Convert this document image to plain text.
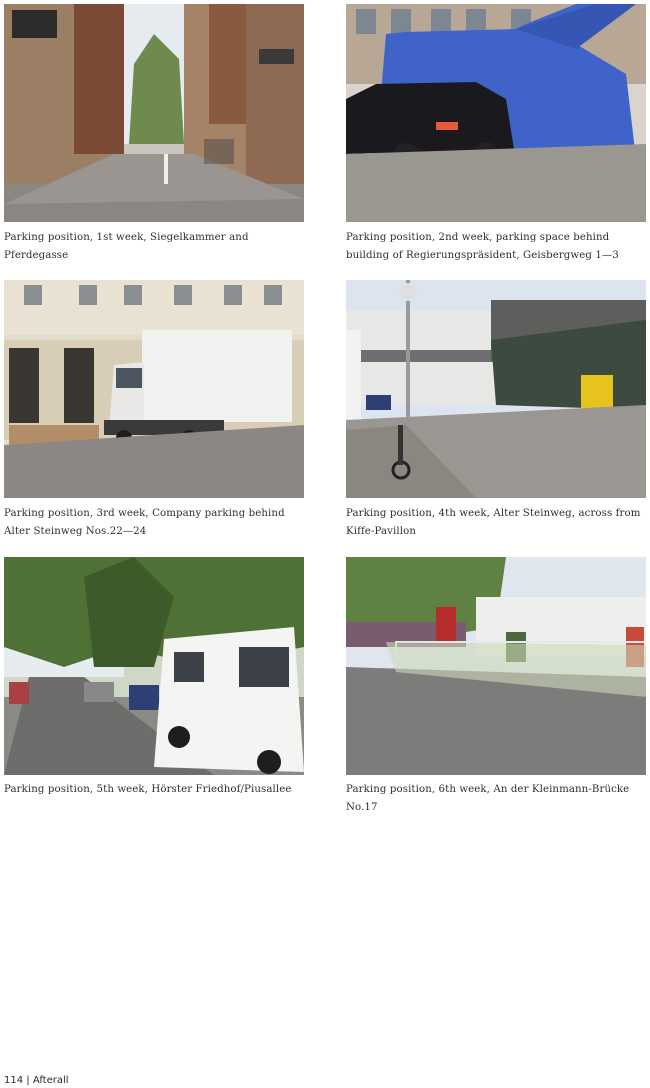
Parking position, 1st week, Siegelkammer and
Pferdegasse
Parking position, 2nd week, parking space behind
building of Regierungspräsident, Geisbergweg 1—3
Parking position, 3rd week, Company parking behind
Alter Steinweg Nos.22—24
Parking position, 4th week, Alter Steinweg, across from
Kiffe-Pavillon
Parking position, 5th week, Hörster Friedhof/Piusallee	Parking position, 6th week, An der Kleinmann-Brücke
No.17
114 | Afterall
